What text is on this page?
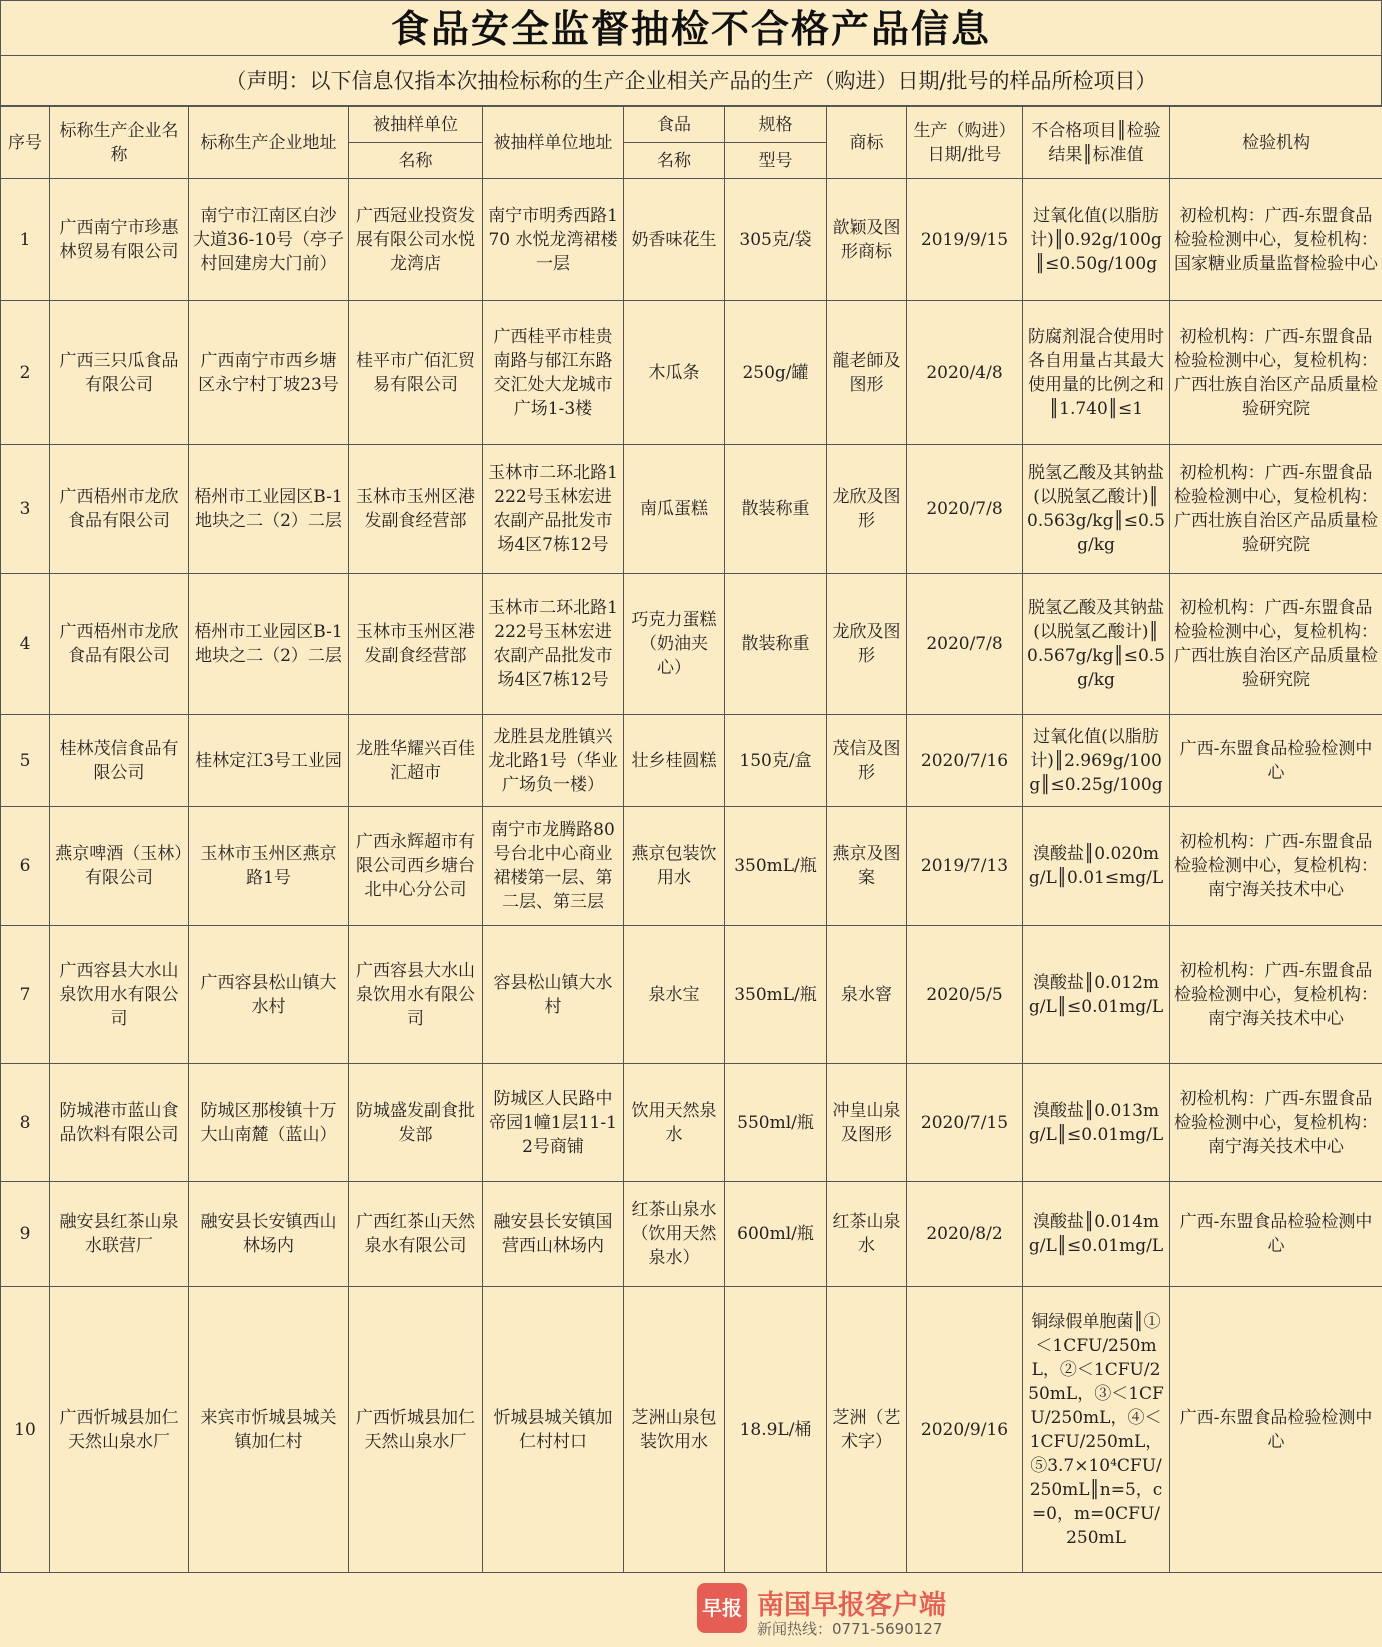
食品安全监督抽检不合格产品信息
（声明：以下信息仅指本次抽检标称的生产企业相关产品的生产（购进）日期/批号的样品所检项目）
序号	标称生产企业名称	标称生产企业地址	被抽样单位	被抽样单位地址	食品	规格	商标	生产（购进）日期/批号	不合格项目║检验结果║标准值	检验机构
			名称		名称	型号				
1	广西南宁市珍惠林贸易有限公司	南宁市江南区白沙大道36-10号（亭子村回建房大门前）	广西冠业投资发展有限公司水悦龙湾店	南宁市明秀西路170 水悦龙湾裙楼一层	奶香味花生	305克/袋	歆颖及图形商标	2019/9/15	过氧化值(以脂肪计)║0.92g/100g║≤0.50g/100g	初检机构：广西-东盟食品检验检测中心，复检机构：国家糖业质量监督检验中心
2	广西三只瓜食品有限公司	广西南宁市西乡塘区永宁村丁坡23号	桂平市广佰汇贸易有限公司	广西桂平市桂贵南路与郁江东路交汇处大龙城市广场1-3楼	木瓜条	250g/罐	龍老師及图形	2020/4/8	防腐剂混合使用时各自用量占其最大使用量的比例之和║1.740║≤1	初检机构：广西-东盟食品检验检测中心，复检机构：广西壮族自治区产品质量检验研究院
3	广西梧州市龙欣食品有限公司	梧州市工业园区B-1地块之二（2）二层	玉林市玉州区港发副食经营部	玉林市二环北路1222号玉林宏进农副产品批发市场4区7栋12号	南瓜蛋糕	散装称重	龙欣及图形	2020/7/8	脱氢乙酸及其钠盐(以脱氢乙酸计)║0.563g/kg║≤0.5g/kg	初检机构：广西-东盟食品检验检测中心，复检机构：广西壮族自治区产品质量检验研究院
4	广西梧州市龙欣食品有限公司	梧州市工业园区B-1地块之二（2）二层	玉林市玉州区港发副食经营部	玉林市二环北路1222号玉林宏进农副产品批发市场4区7栋12号	巧克力蛋糕（奶油夹心）	散装称重	龙欣及图形	2020/7/8	脱氢乙酸及其钠盐(以脱氢乙酸计)║0.567g/kg║≤0.5g/kg	初检机构：广西-东盟食品检验检测中心，复检机构：广西壮族自治区产品质量检验研究院
5	桂林茂信食品有限公司	桂林定江3号工业园	龙胜华耀兴百佳汇超市	龙胜县龙胜镇兴龙北路1号（华业广场负一楼）	壮乡桂圆糕	150克/盒	茂信及图形	2020/7/16	过氧化值(以脂肪计)║2.969g/100g║≤0.25g/100g	广西-东盟食品检验检测中心
6	燕京啤酒（玉林）有限公司	玉林市玉州区燕京路1号	广西永辉超市有限公司西乡塘台北中心分公司	南宁市龙腾路80号台北中心商业裙楼第一层、第二层、第三层	燕京包装饮用水	350mL/瓶	燕京及图案	2019/7/13	溴酸盐║0.020mg/L║0.01≤mg/L	初检机构：广西-东盟食品检验检测中心，复检机构：南宁海关技术中心
7	广西容县大水山泉饮用水有限公司	广西容县松山镇大水村	广西容县大水山泉饮用水有限公司	容县松山镇大水村	泉水宝	350mL/瓶	泉水窨	2020/5/5	溴酸盐║0.012mg/L║≤0.01mg/L	初检机构：广西-东盟食品检验检测中心，复检机构：南宁海关技术中心
8	防城港市蓝山食品饮料有限公司	防城区那梭镇十万大山南麓（蓝山）	防城盛发副食批发部	防城区人民路中帝园1幢1层11-12号商铺	饮用天然泉水	550ml/瓶	冲皇山泉及图形	2020/7/15	溴酸盐║0.013mg/L║≤0.01mg/L	初检机构：广西-东盟食品检验检测中心，复检机构：南宁海关技术中心
9	融安县红茶山泉水联营厂	融安县长安镇西山林场内	广西红茶山天然泉水有限公司	融安县长安镇国营西山林场内	红茶山泉水（饮用天然泉水）	600ml/瓶	红茶山泉水	2020/8/2	溴酸盐║0.014mg/L║≤0.01mg/L	广西-东盟食品检验检测中心
10	广西忻城县加仁天然山泉水厂	来宾市忻城县城关镇加仁村	广西忻城县加仁天然山泉水厂	忻城县城关镇加仁村村口	芝洲山泉包装饮用水	18.9L/桶	芝洲（艺术字）	2020/9/16	铜绿假单胞菌║①＜1CFU/250mL，②＜1CFU/250mL，③＜1CFU/250mL，④＜1CFU/250mL，⑤3.7×10⁴CFU/250mL║n=5，c=0，m=0CFU/250mL	广西-东盟食品检验检测中心
早报 南国早报客户端
新闻热线：0771-5690127
